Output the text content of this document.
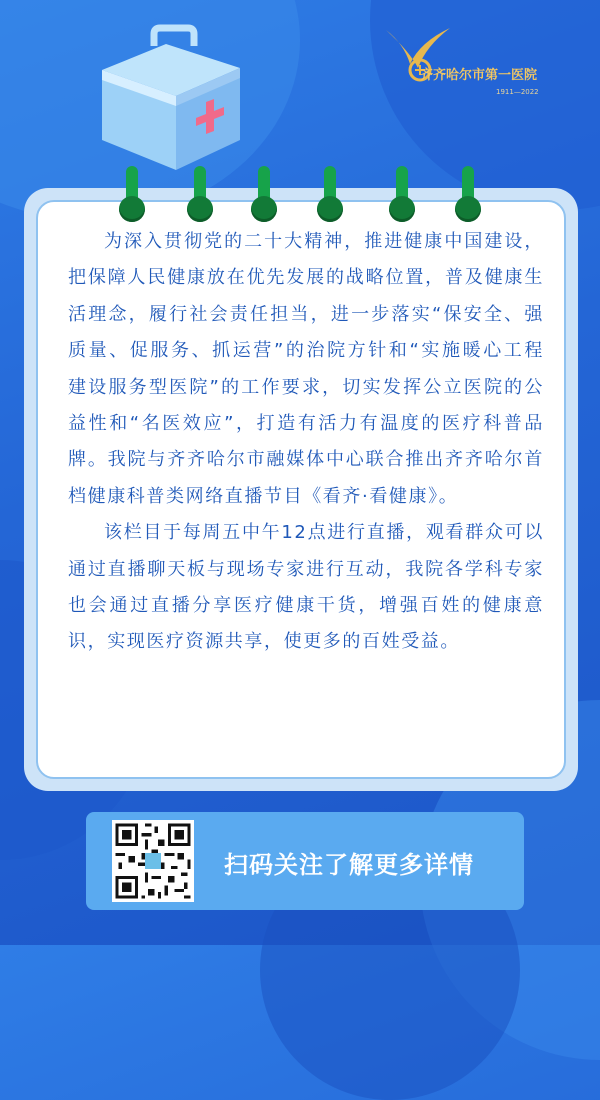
齐齐哈尔市第一医院
1911—2022

为深入贯彻党的二十大精神，推进健康中国建设，把保障人民健康放在优先发展的战略位置，普及健康生活理念，履行社会责任担当，进一步落实“保安全、强质量、促服务、抓运营”的治院方针和“实施暖心工程 建设服务型医院”的工作要求，切实发挥公立医院的公益性和“名医效应”，打造有活力有温度的医疗科普品牌。我院与齐齐哈尔市融媒体中心联合推出齐齐哈尔首档健康科普类网络直播节目《看齐·看健康》。

该栏目于每周五中午12点进行直播，观看群众可以通过直播聊天板与现场专家进行互动，我院各学科专家也会通过直播分享医疗健康干货，增强百姓的健康意识，实现医疗资源共享，使更多的百姓受益。

扫码关注了解更多详情
